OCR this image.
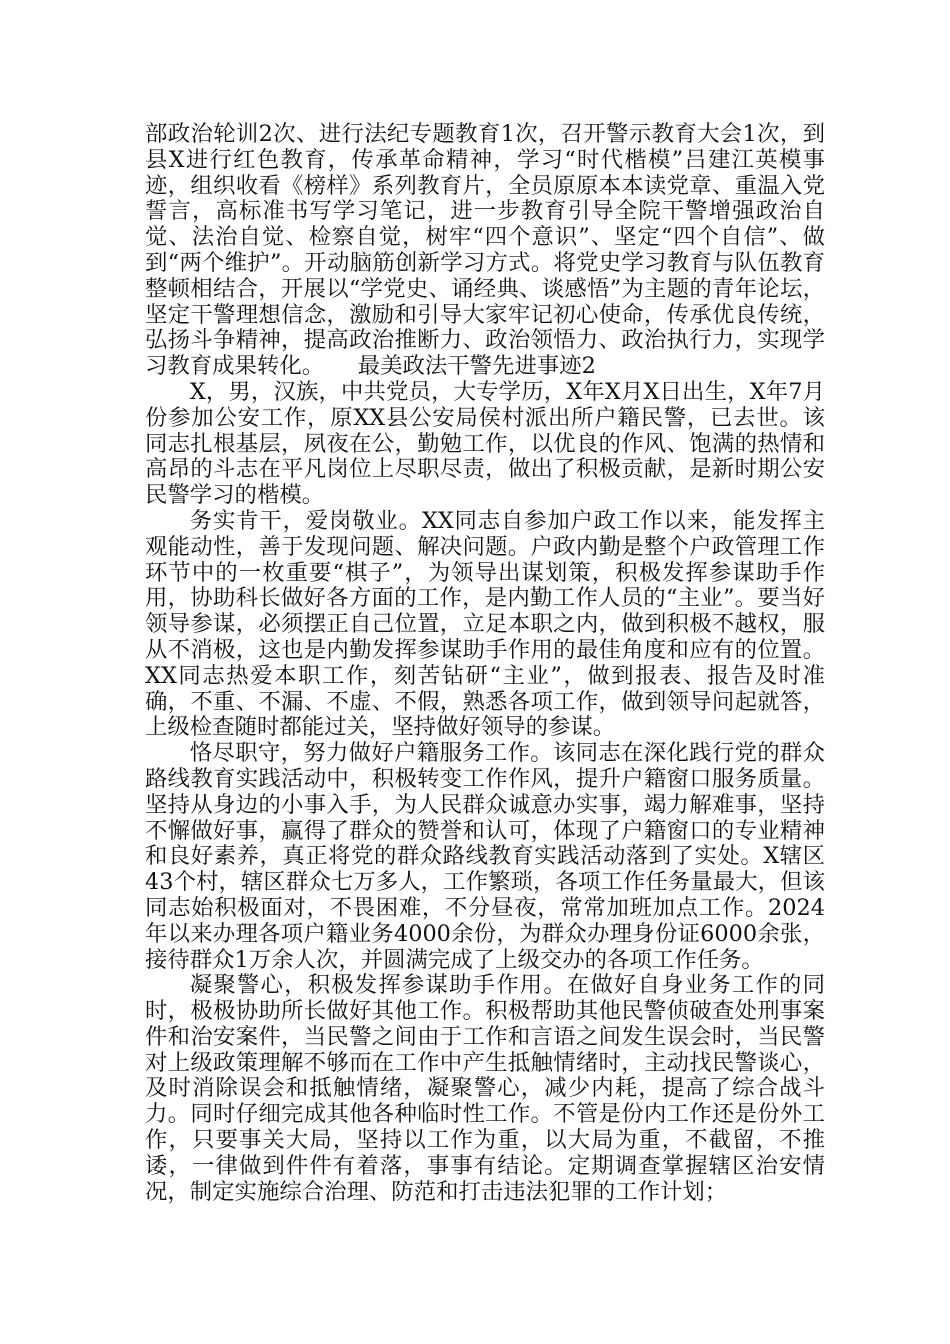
部政治轮训2次、进行法纪专题教育1次，召开警示教育大会1次，到县X进行红色教育，传承革命精神，学习“时代楷模”吕建江英模事迹，组织收看《榜样》系列教育片，全员原原本本读党章、重温入党誓言，高标准书写学习笔记，进一步教育引导全院干警增强政治自觉、法治自觉、检察自觉，树牢“四个意识”、坚定“四个自信”、做到“两个维护”。开动脑筋创新学习方式。将党史学习教育与队伍教育整顿相结合，开展以“学党史、诵经典、谈感悟”为主题的青年论坛，坚定干警理想信念，激励和引导大家牢记初心使命，传承优良传统，弘扬斗争精神，提高政治推断力、政治领悟力、政治执行力，实现学习教育成果转化。　　最美政法干警先进事迹2

X，男，汉族，中共党员，大专学历，X年X月X日出生，X年7月份参加公安工作，原XX县公安局侯村派出所户籍民警，已去世。该同志扎根基层，夙夜在公，勤勉工作，以优良的作风、饱满的热情和高昂的斗志在平凡岗位上尽职尽责，做出了积极贡献，是新时期公安民警学习的楷模。

务实肯干，爱岗敬业。XX同志自参加户政工作以来，能发挥主观能动性，善于发现问题、解决问题。户政内勤是整个户政管理工作环节中的一枚重要“棋子”，为领导出谋划策，积极发挥参谋助手作用，协助科长做好各方面的工作，是内勤工作人员的“主业”。要当好领导参谋，必须摆正自己位置，立足本职之内，做到积极不越权，服从不消极，这也是内勤发挥参谋助手作用的最佳角度和应有的位置。XX同志热爱本职工作，刻苦钻研“主业”，做到报表、报告及时准确，不重、不漏、不虚、不假，熟悉各项工作，做到领导问起就答，上级检查随时都能过关，坚持做好领导的参谋。

恪尽职守，努力做好户籍服务工作。该同志在深化践行党的群众路线教育实践活动中，积极转变工作作风，提升户籍窗口服务质量。坚持从身边的小事入手，为人民群众诚意办实事，竭力解难事，坚持不懈做好事，赢得了群众的赞誉和认可，体现了户籍窗口的专业精神和良好素养，真正将党的群众路线教育实践活动落到了实处。X辖区43个村，辖区群众七万多人，工作繁琐，各项工作任务量最大，但该同志始积极面对，不畏困难，不分昼夜，常常加班加点工作。2024年以来办理各项户籍业务4000余份，为群众办理身份证6000余张，接待群众1万余人次，并圆满完成了上级交办的各项工作任务。

凝聚警心，积极发挥参谋助手作用。在做好自身业务工作的同时，极极协助所长做好其他工作。积极帮助其他民警侦破查处刑事案件和治安案件，当民警之间由于工作和言语之间发生误会时，当民警对上级政策理解不够而在工作中产生抵触情绪时，主动找民警谈心，及时消除误会和抵触情绪，凝聚警心，减少内耗，提高了综合战斗力。同时仔细完成其他各种临时性工作。不管是份内工作还是份外工作，只要事关大局，坚持以工作为重，以大局为重，不截留，不推诿，一律做到件件有着落，事事有结论。定期调查掌握辖区治安情况，制定实施综合治理、防范和打击违法犯罪的工作计划；
